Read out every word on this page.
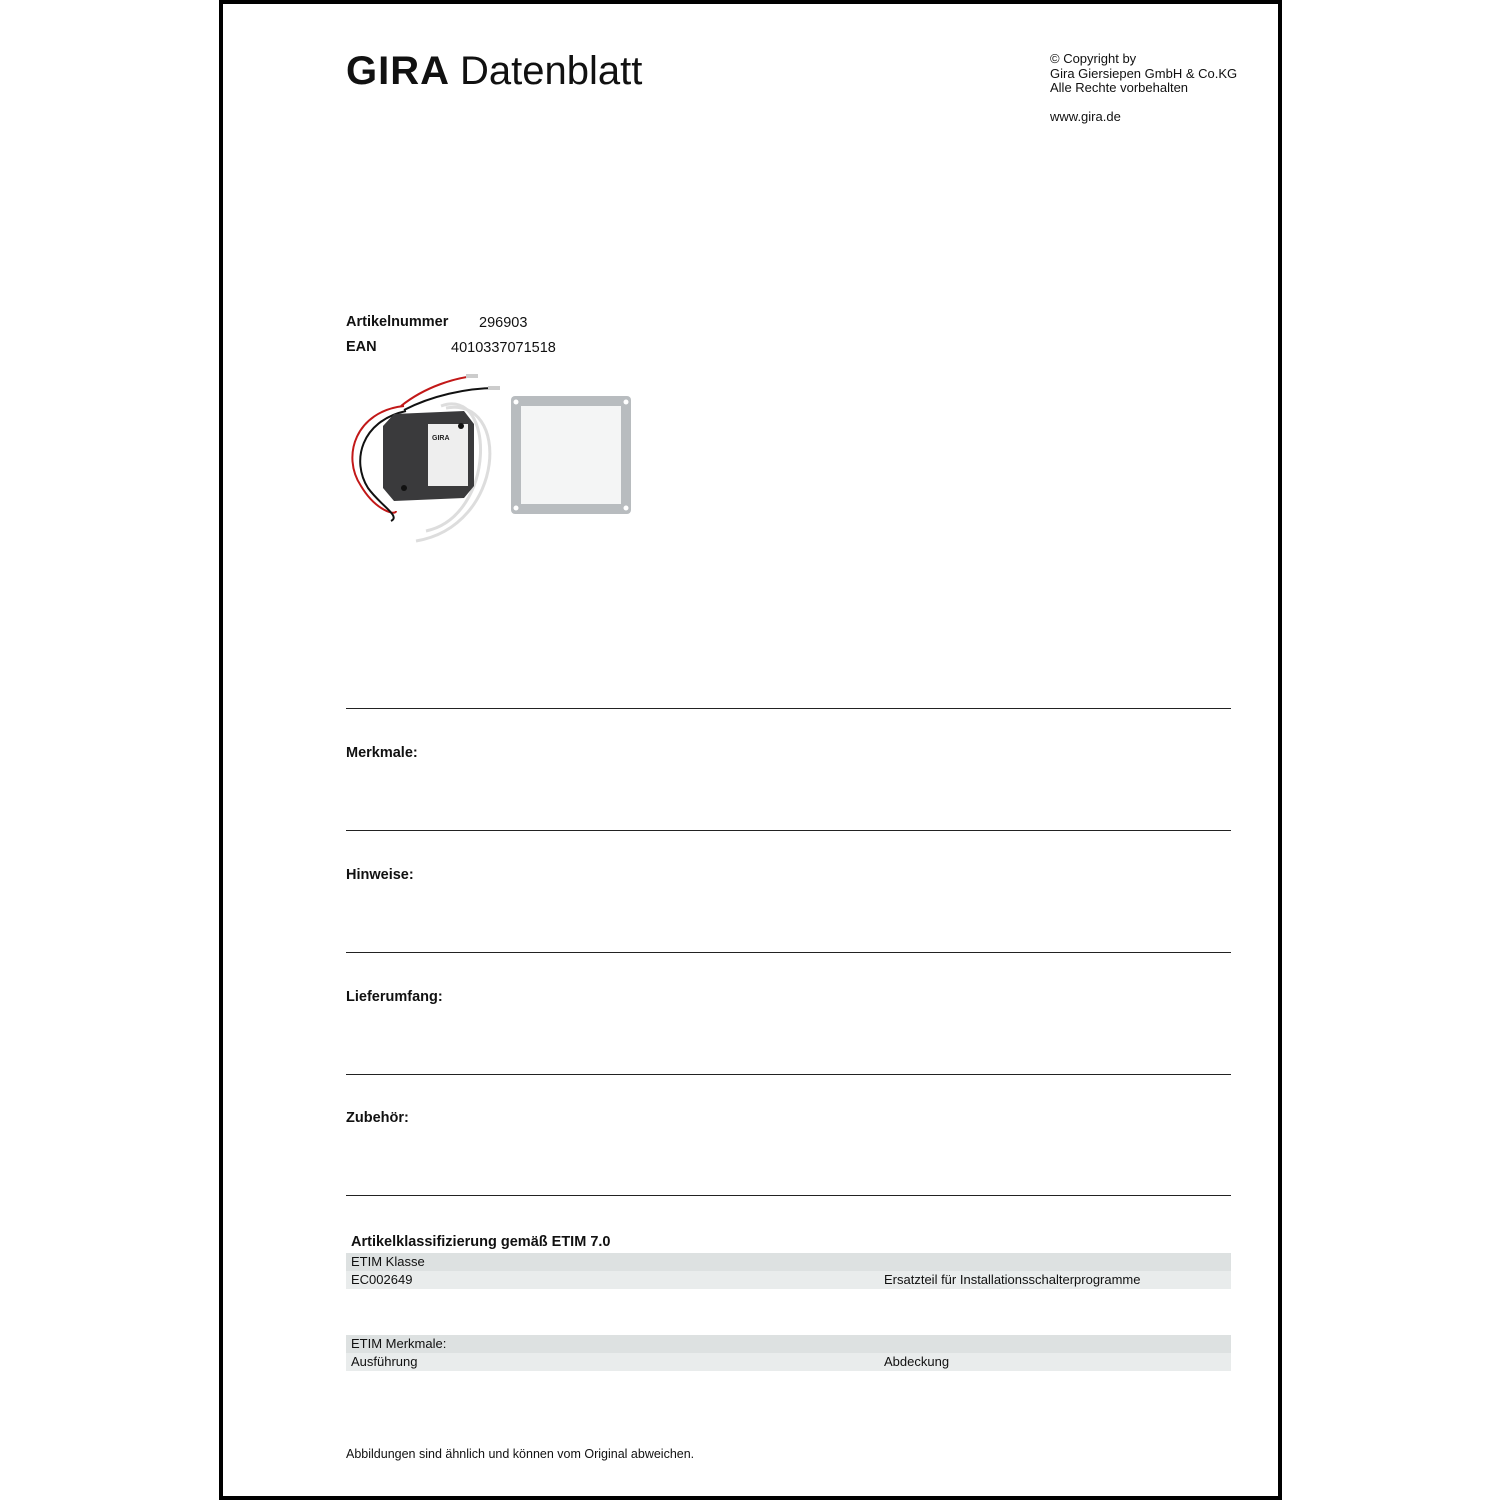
GIRA Datenblatt	© Copyright by
Gira Giersiepen GmbH & Co.KG
Alle Rechte vorbehalten
www.gira.de
Artikelnummer 296903
EAN	4010337071518
GIRA
Merkmale:
Hinweise:
Lieferumfang:
Zubehör:
Artikelklassifizierung gemäß ETIM 7.0
ETIM Klasse
EC002649	Ersatzteil für Installationsschalterprogramme
ETIM Merkmale:
Ausführung	Abdeckung
Abbildungen sind ähnlich und können vom Original abweichen.
